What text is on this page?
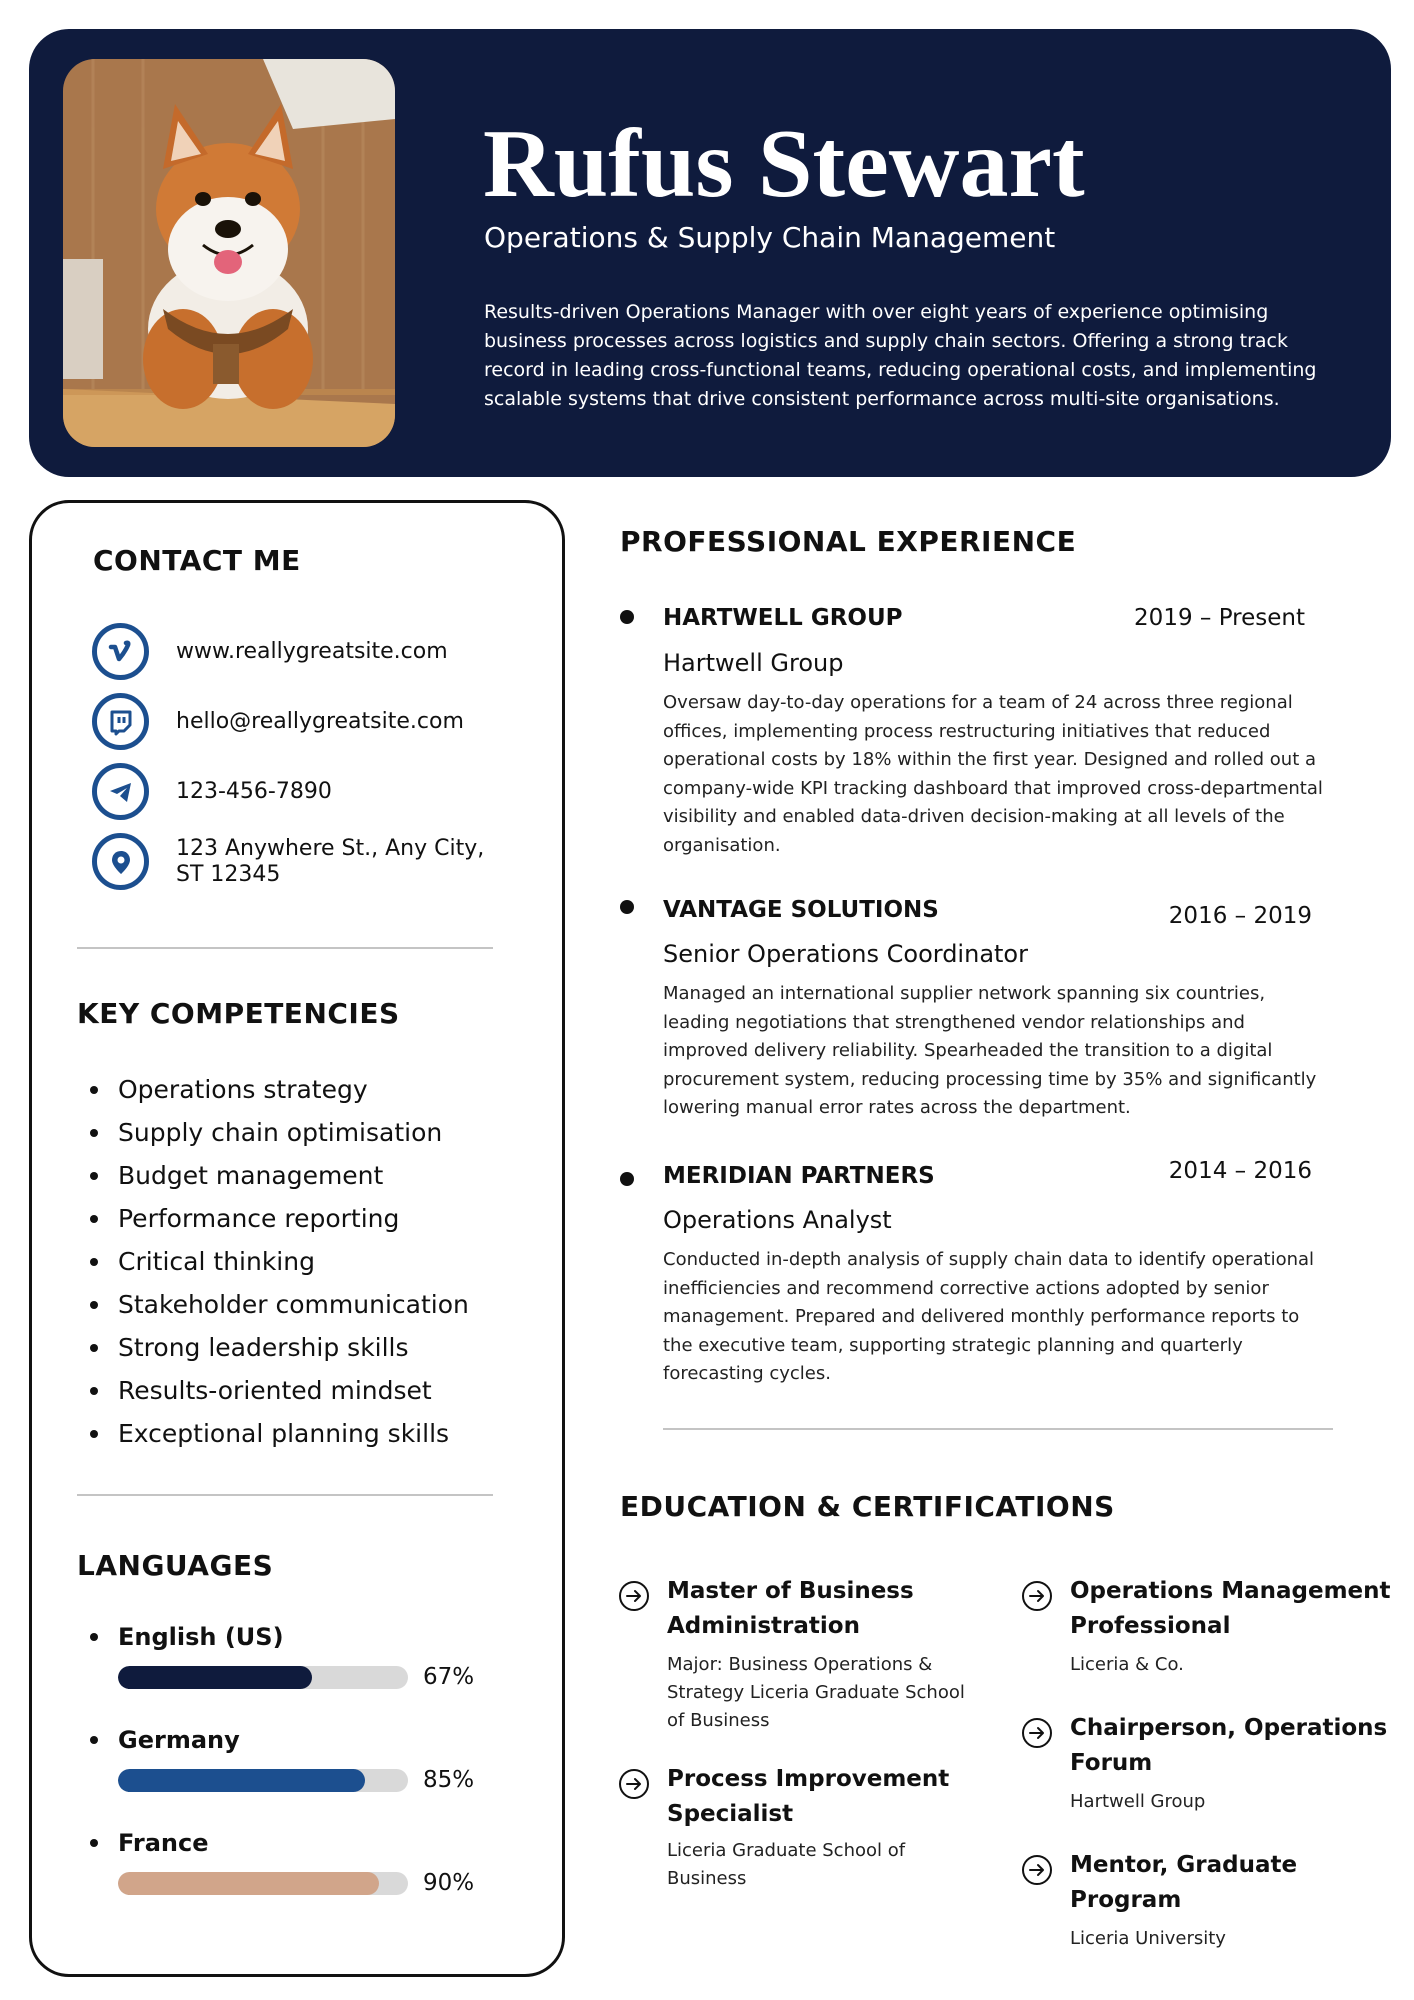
Rufus Stewart
Operations & Supply Chain Management
Results-driven Operations Manager with over eight years of experience optimising business processes across logistics and supply chain sectors. Offering a strong track record in leading cross-functional teams, reducing operational costs, and implementing scalable systems that drive consistent performance across multi-site organisations.
CONTACT ME
www.reallygreatsite.com
hello@reallygreatsite.com
123-456-7890
123 Anywhere St., Any City, ST 12345
KEY COMPETENCIES
Operations strategy
Supply chain optimisation
Budget management
Performance reporting
Critical thinking
Stakeholder communication
Strong leadership skills
Results-oriented mindset
Exceptional planning skills
LANGUAGES
English (US)
67%
Germany
85%
France
90%
PROFESSIONAL EXPERIENCE
HARTWELL GROUP	2019 – Present
Hartwell Group
Oversaw day-to-day operations for a team of 24 across three regional offices, implementing process restructuring initiatives that reduced operational costs by 18% within the first year. Designed and rolled out a company-wide KPI tracking dashboard that improved cross-departmental visibility and enabled data-driven decision-making at all levels of the organisation.
VANTAGE SOLUTIONS	2016 – 2019
Senior Operations Coordinator
Managed an international supplier network spanning six countries, leading negotiations that strengthened vendor relationships and improved delivery reliability. Spearheaded the transition to a digital procurement system, reducing processing time by 35% and significantly lowering manual error rates across the department.
MERIDIAN PARTNERS	2014 – 2016
Operations Analyst
Conducted in-depth analysis of supply chain data to identify operational inefficiencies and recommend corrective actions adopted by senior management. Prepared and delivered monthly performance reports to the executive team, supporting strategic planning and quarterly forecasting cycles.
EDUCATION & CERTIFICATIONS
Master of Business Administration
Major: Business Operations & Strategy Liceria Graduate School of Business
Process Improvement Specialist
Liceria Graduate School of Business
Operations Management Professional
Liceria & Co.
Chairperson, Operations Forum
Hartwell Group
Mentor, Graduate Program
Liceria University
